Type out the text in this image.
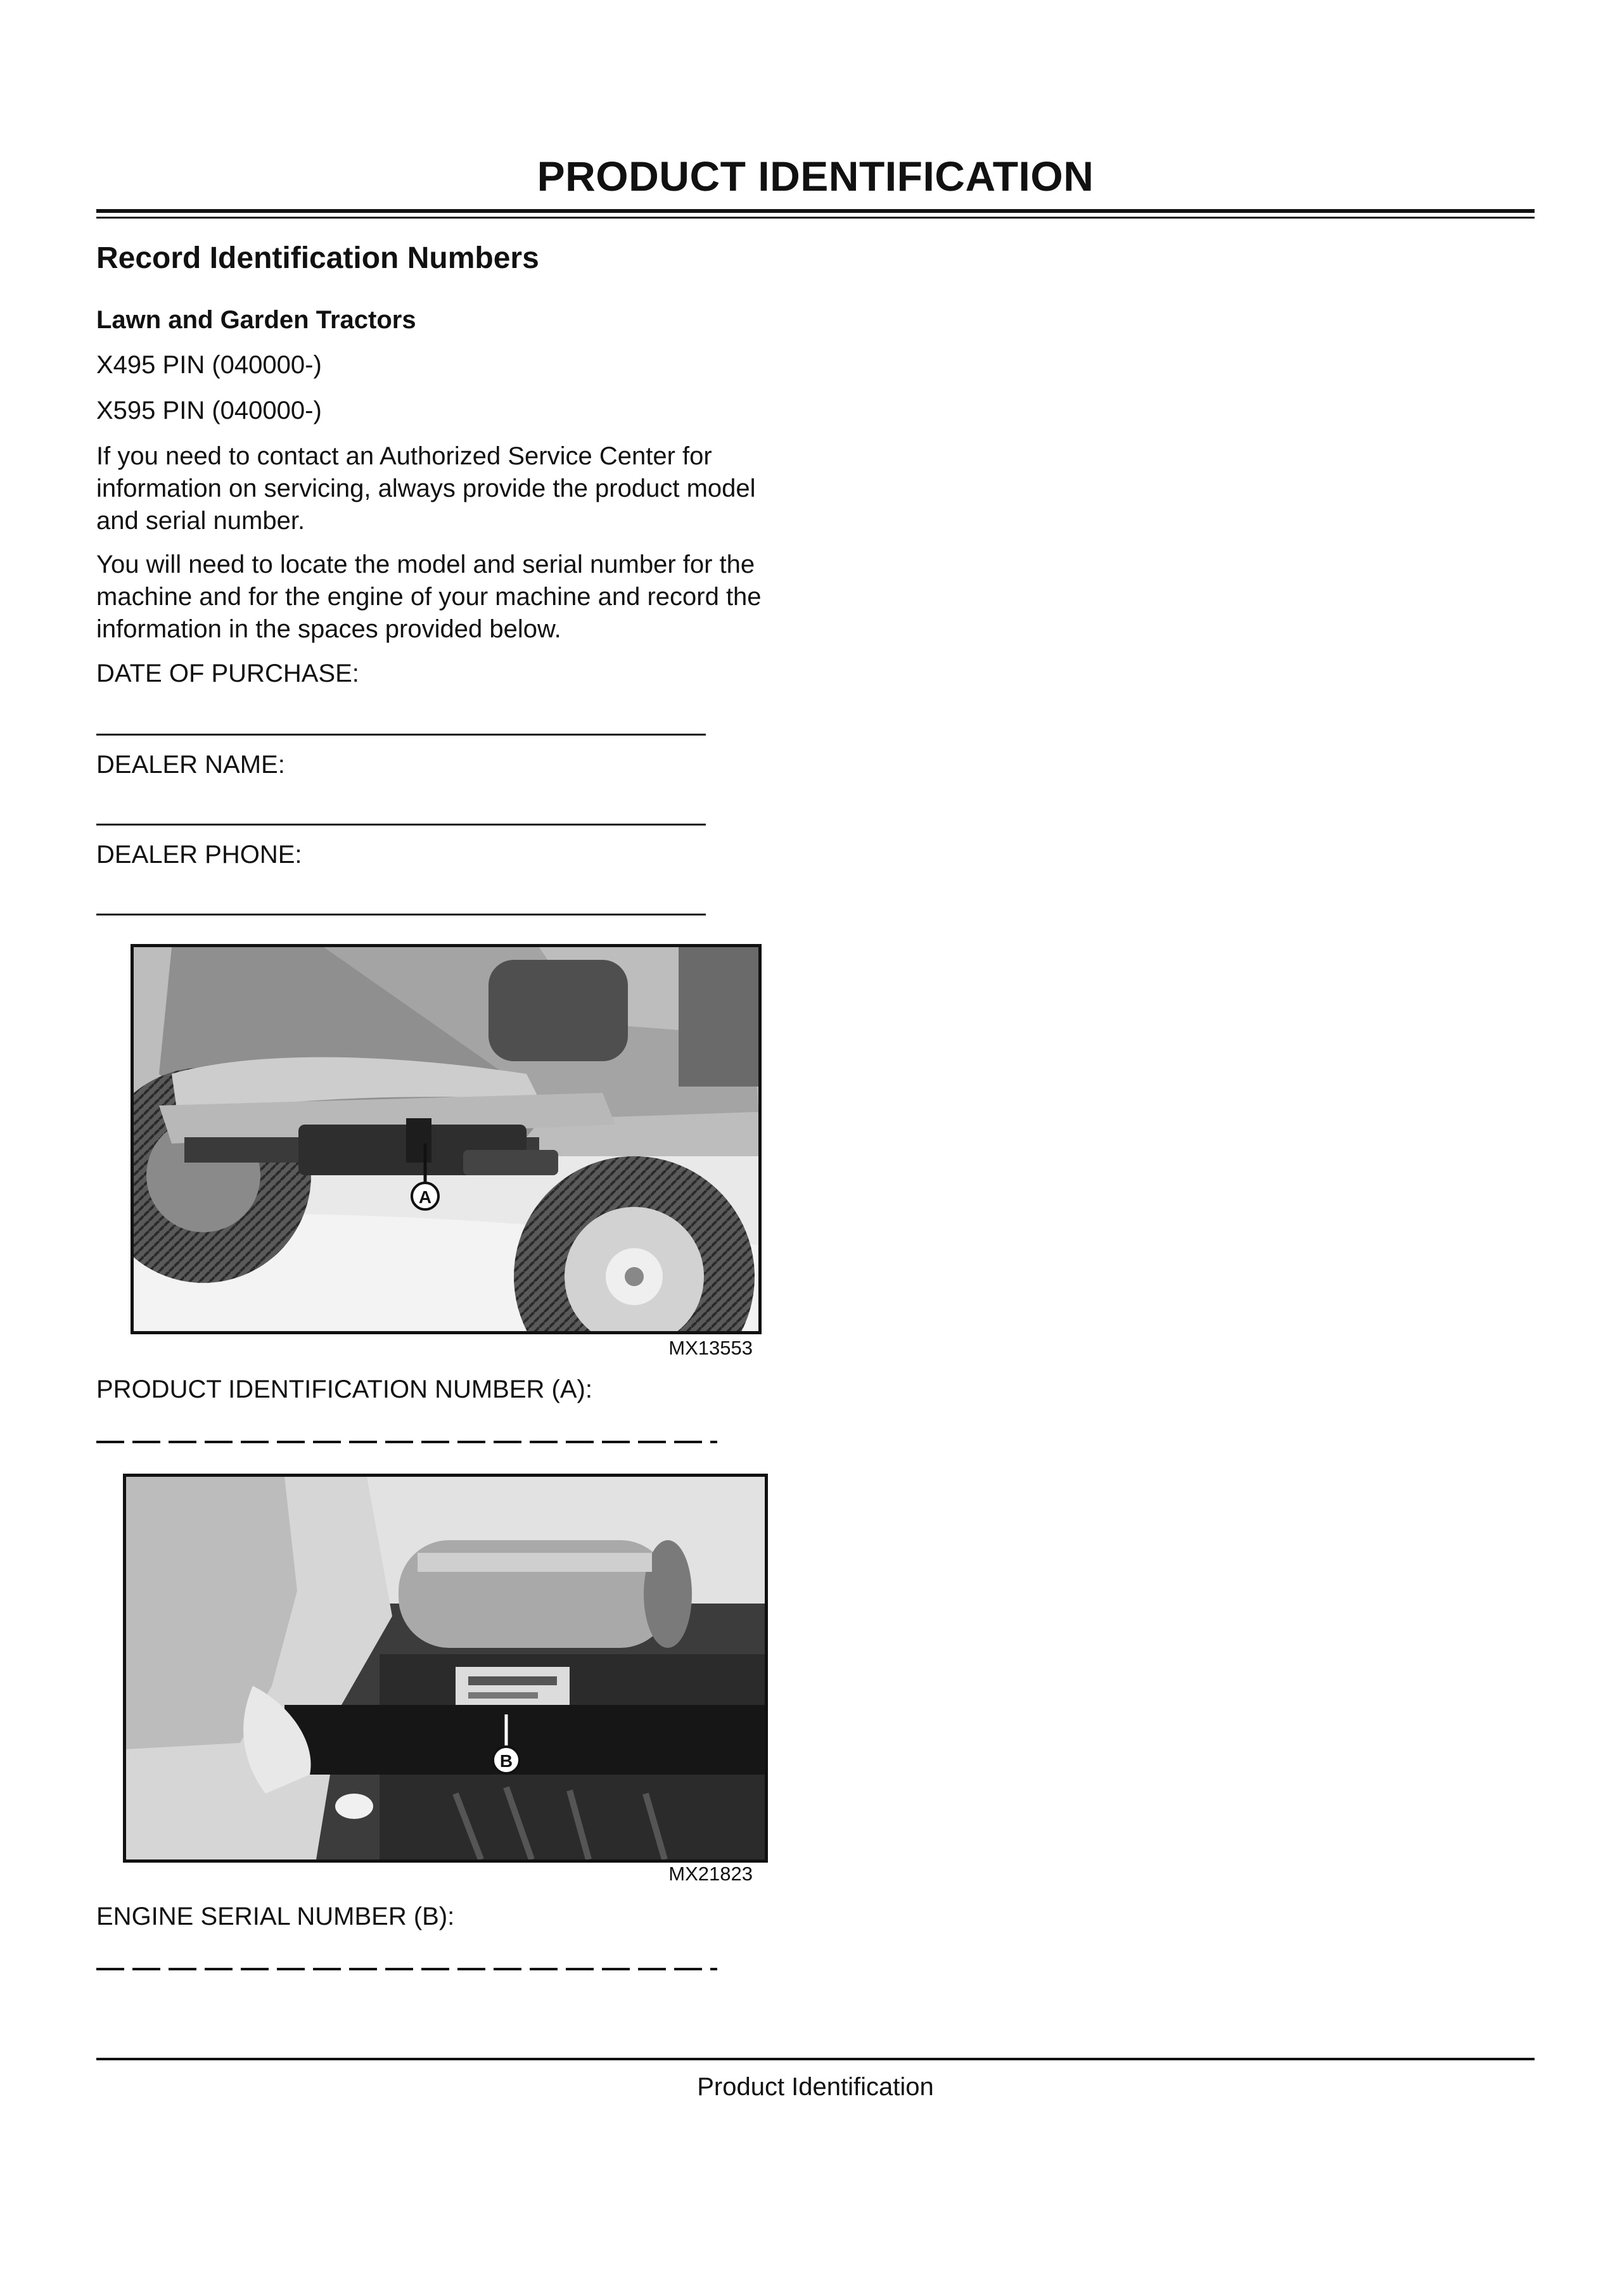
PRODUCT IDENTIFICATION
Record Identification Numbers
Lawn and Garden Tractors
X495 PIN (040000-)
X595 PIN (040000-)
If you need to contact an Authorized Service Center for
information on servicing, always provide the product model
and serial number.
You will need to locate the model and serial number for the
machine and for the engine of your machine and record the
information in the spaces provided below.
DATE OF PURCHASE:
DEALER NAME:
DEALER PHONE:
A
MX13553
PRODUCT IDENTIFICATION NUMBER (A):
B
MX21823
ENGINE SERIAL NUMBER (B):
Product Identification
